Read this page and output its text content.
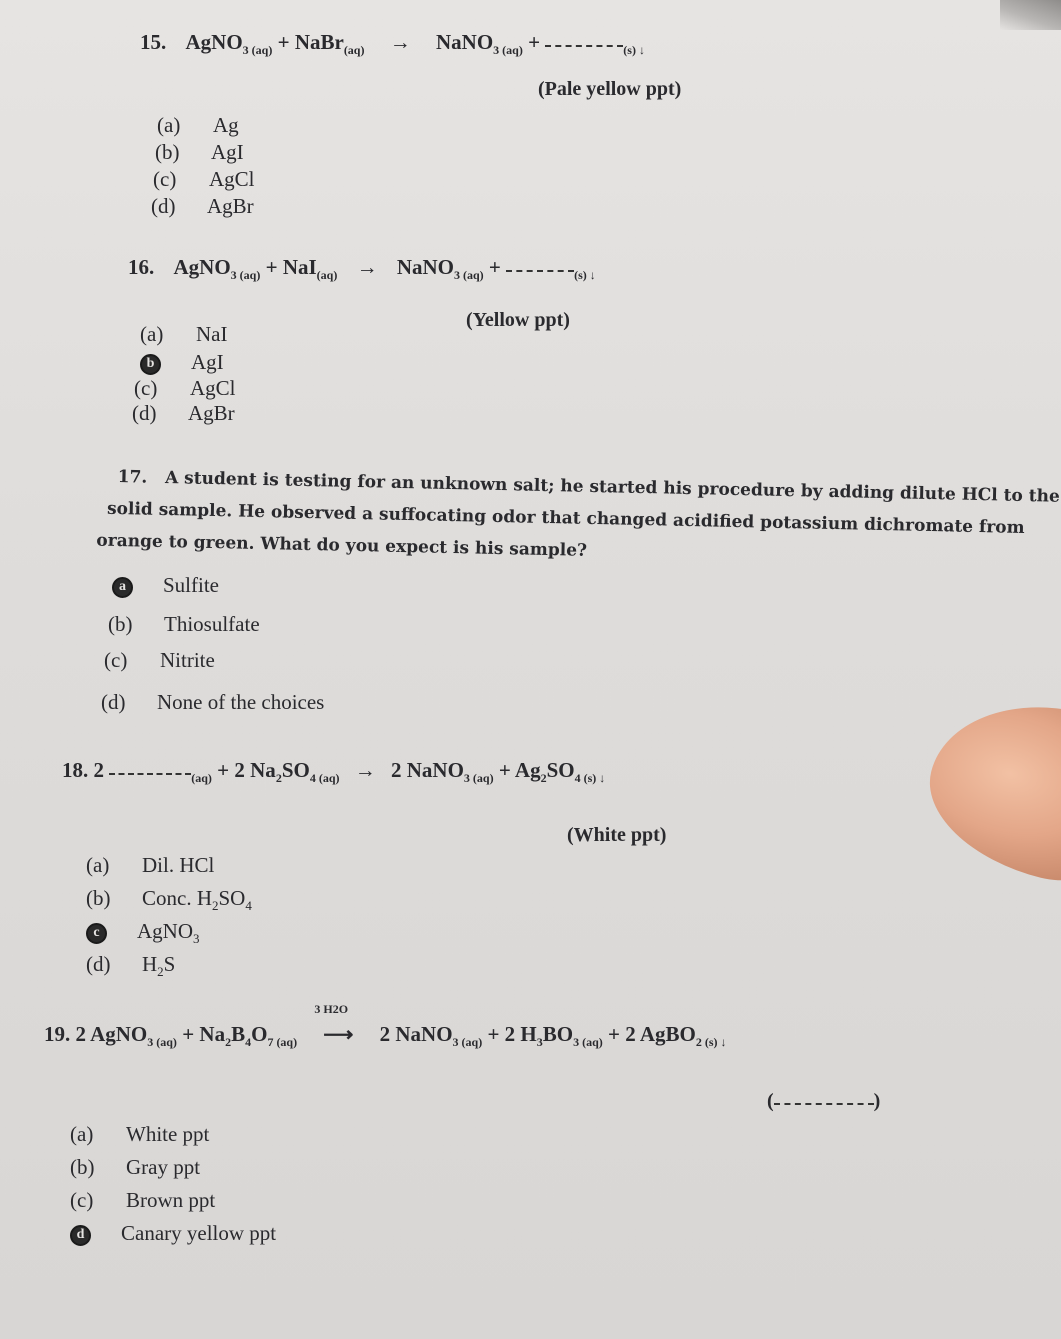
15. AgNO$_{3 (aq)}$ + NaBr$_{(aq)}$ → NaNO$_{3 (aq)}$ +	$_{(s) ↓}$
(Pale yellow ppt)
(a) Ag
(b) AgI
(c) AgCl
(d) AgBr
16. AgNO$_{3 (aq)}$ + NaI$_{(aq)}$ → NaNO$_{3 (aq)}$ +	$_{(s) ↓}$
(Yellow ppt)
(a) NaI
b AgI
(c) AgCl
(d) AgBr
17. A student is testing for an unknown salt; he started his procedure by adding dilute HCl to the
solid sample. He observed a suffocating odor that changed acidified potassium dichromate from
orange to green. What do you expect is his sample?
a Sulfite
(b) Thiosulfate
(c) Nitrite
(d) None of the choices
18. 2	$_{(aq)}$ + 2 $Na_2SO_{4 (aq)} \to 2$ NaNO$_{3 (aq)}$ + $Ag_2SO_{4 (s) ↓}$
(White ppt)
(a) Dil. HCl
(b) Conc. $H_2SO_4$
c AgNO$_3$
(d) $H_2S$
19. 2 AgNO$_{3 (aq)}$ + $Na_2B_4O_{7 (aq)}$
3 H2O
⟶ 2 NaNO$_{3 (aq)}$ + 2 $H_3BO_{3 (aq)} + 2$ AgBO$_{2 (s) ↓}$
(	)
(a) White ppt
(b) Gray ppt
(c) Brown ppt
d Canary yellow ppt
